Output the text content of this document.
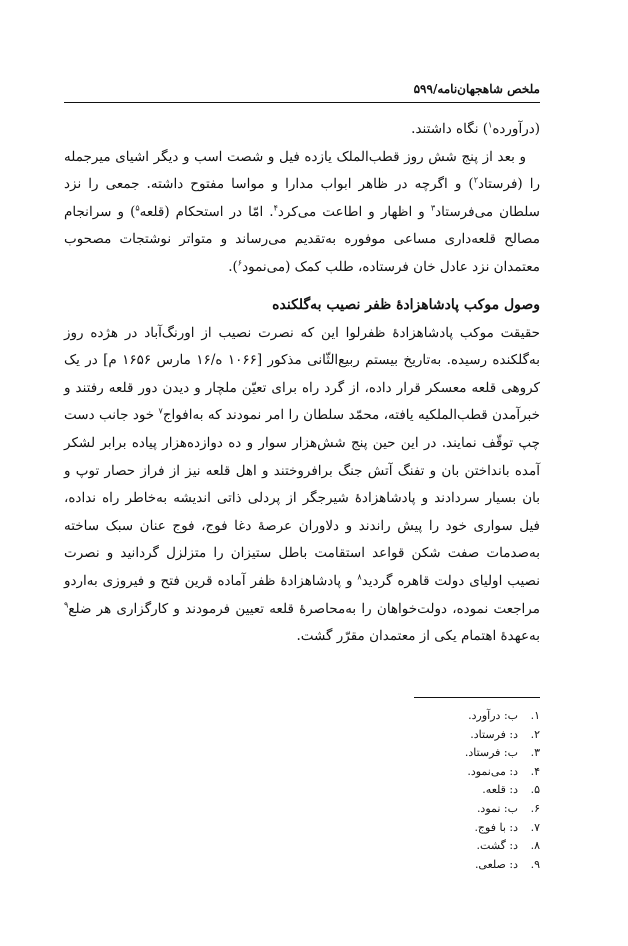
ملخص شاهجهان‌نامه/۵۹۹

(درآورده$^۱$) نگاه داشتند.

و بعد از پنج شش روز قطب‌الملک یازده فیل و شصت اسب و دیگر اشیای میرجمله را (فرستاد$^۲$) و اگرچه در ظاهر ابواب مدارا و مواسا مفتوح داشته. جمعی را نزد سلطان می‌فرستاد$^۳$ و اظهار و اطاعت می‌کرد$^۴$. امّا در استحکام (قلعه$^۵$) و سرانجام مصالح قلعه‌داری مساعی موفوره به‌تقدیم می‌رساند و متواتر نوشتجات مصحوب معتمدان نزد عادل خان فرستاده، طلب کمک (می‌نمود$^۶$).

وصول موکب پادشاهزادهٔ ظفر نصیب به‌گلکنده

حقیقت موکب پادشاهزادهٔ ظفرلوا این که نصرت نصیب از اورنگ‌آباد در هژده روز به‌گلکنده رسیده. به‌تاریخ بیستم ربیع‌الثّانی مذکور [۱۰۶۶ ه/۱۶ مارس ۱۶۵۶ م] در یک کروهی قلعه معسکر قرار داده، از گرد راه برای تعیّن ملچار و دیدن دور قلعه رفتند و خبرآمدن قطب‌الملکیه یافته، محمّد سلطان را امر نمودند که به‌افواج$^۷$ خود جانب دست چپ توقّف نمایند. در این حین پنج شش‌هزار سوار و ده دوازده‌هزار پیاده برابر لشکر آمده بانداختن بان و تفنگ آتش جنگ برافروختند و اهل قلعه نیز از فراز حصار توپ و بان بسیار سردادند و پادشاهزادهٔ شیرجگر از پردلی ذاتی اندیشه به‌خاطر راه نداده، فیل سواری خود را پیش راندند و دلاوران عرصهٔ دغا فوج، فوج عنان سبک ساخته به‌صدمات صفت شکن قواعد استقامت باطل ستیزان را متزلزل گردانید و نصرت نصیب اولیای دولت قاهره گردید$^۸$ و پادشاهزادهٔ ظفر آماده قرین فتح و فیروزی به‌اردو مراجعت نموده، دولت‌خواهان را به‌محاصرهٔ قلعه تعیین فرمودند و کارگزاری هر ضلع$^۹$ به‌عهدهٔ اهتمام یکی از معتمدان مقرّر گشت.

۱.
ب: درآورد.
۲.
د: فرستاد.
۳.
ب: فرستاد.
۴.
د: می‌نمود.
۵.
د: قلعه.
۶.
ب: نمود.
۷.
د: با فوج.
۸.
د: گشت.
۹.
د: صلعی.
